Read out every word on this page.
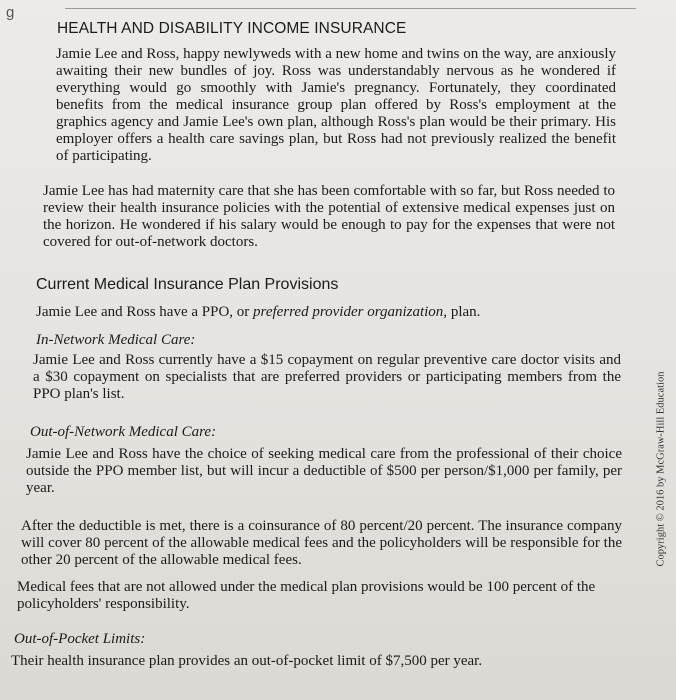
g
HEALTH AND DISABILITY INCOME INSURANCE

Jamie Lee and Ross, happy newlyweds with a new home and twins on the way, are anxiously awaiting their new bundles of joy. Ross was understandably nervous as he wondered if everything would go smoothly with Jamie's pregnancy. Fortunately, they coordinated benefits from the medical insurance group plan offered by Ross's employment at the graphics agency and Jamie Lee's own plan, although Ross's plan would be their primary. His employer offers a health care savings plan, but Ross had not previously realized the benefit of participating.

Jamie Lee has had maternity care that she has been comfortable with so far, but Ross needed to review their health insurance policies with the potential of extensive medical expenses just on the horizon. He wondered if his salary would be enough to pay for the expenses that were not covered for out-of-network doctors.

Current Medical Insurance Plan Provisions

Jamie Lee and Ross have a PPO, or preferred provider organization, plan.

In-Network Medical Care:

Jamie Lee and Ross currently have a $15 copayment on regular preventive care doctor visits and a $30 copayment on specialists that are preferred providers or participating members from the PPO plan's list.

Out-of-Network Medical Care:

Jamie Lee and Ross have the choice of seeking medical care from the professional of their choice outside the PPO member list, but will incur a deductible of $500 per person/$1,000 per family, per year.

After the deductible is met, there is a coinsurance of 80 percent/20 percent. The insurance company will cover 80 percent of the allowable medical fees and the policyholders will be responsible for the other 20 percent of the allowable medical fees.

Medical fees that are not allowed under the medical plan provisions would be 100 percent of the policyholders' responsibility.

Out-of-Pocket Limits:

Their health insurance plan provides an out-of-pocket limit of $7,500 per year.

Copyright © 2016 by McGraw-Hill Education
